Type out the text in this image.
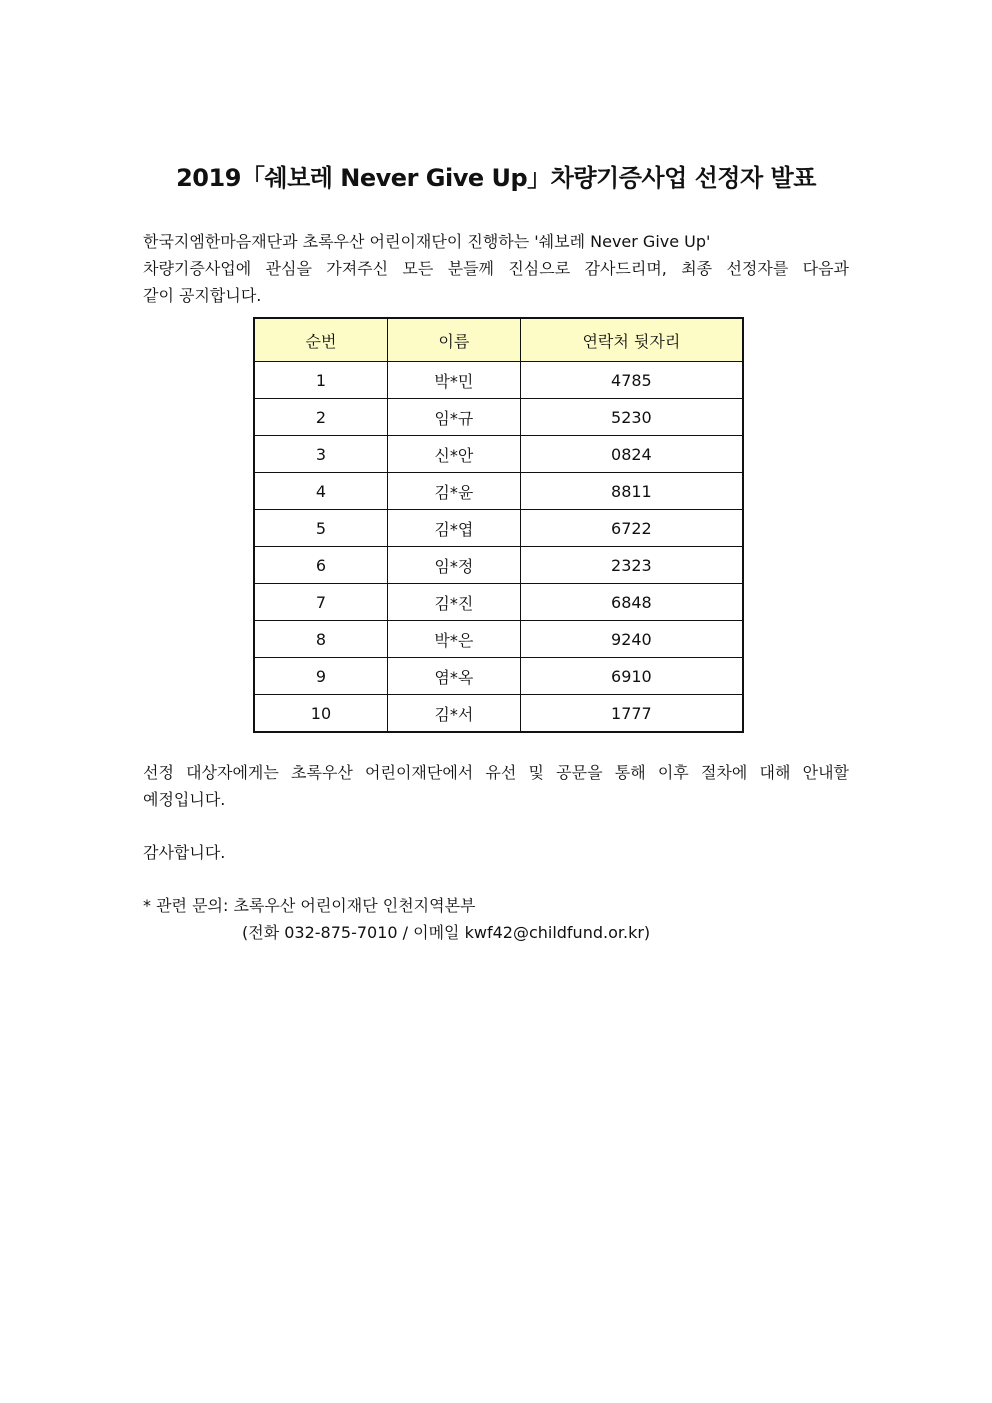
2019「쉐보레 Never Give Up」차량기증사업 선정자 발표
한국지엠한마음재단과 초록우산 어린이재단이 진행하는 '쉐보레 Never Give Up'
차량기증사업에 관심을 가져주신 모든 분들께 진심으로 감사드리며, 최종 선정자를 다음과
같이 공지합니다.
순번	이름	연락처 뒷자리
1	박*민	4785
2	임*규	5230
3	신*안	0824
4	김*윤	8811
5	김*엽	6722
6	임*정	2323
7	김*진	6848
8	박*은	9240
9	염*옥	6910
10	김*서	1777
선정 대상자에게는 초록우산 어린이재단에서 유선 및 공문을 통해 이후 절차에 대해 안내할
예정입니다.
감사합니다.
* 관련 문의: 초록우산 어린이재단 인천지역본부
(전화 032-875-7010 / 이메일 kwf42@childfund.or.kr)
